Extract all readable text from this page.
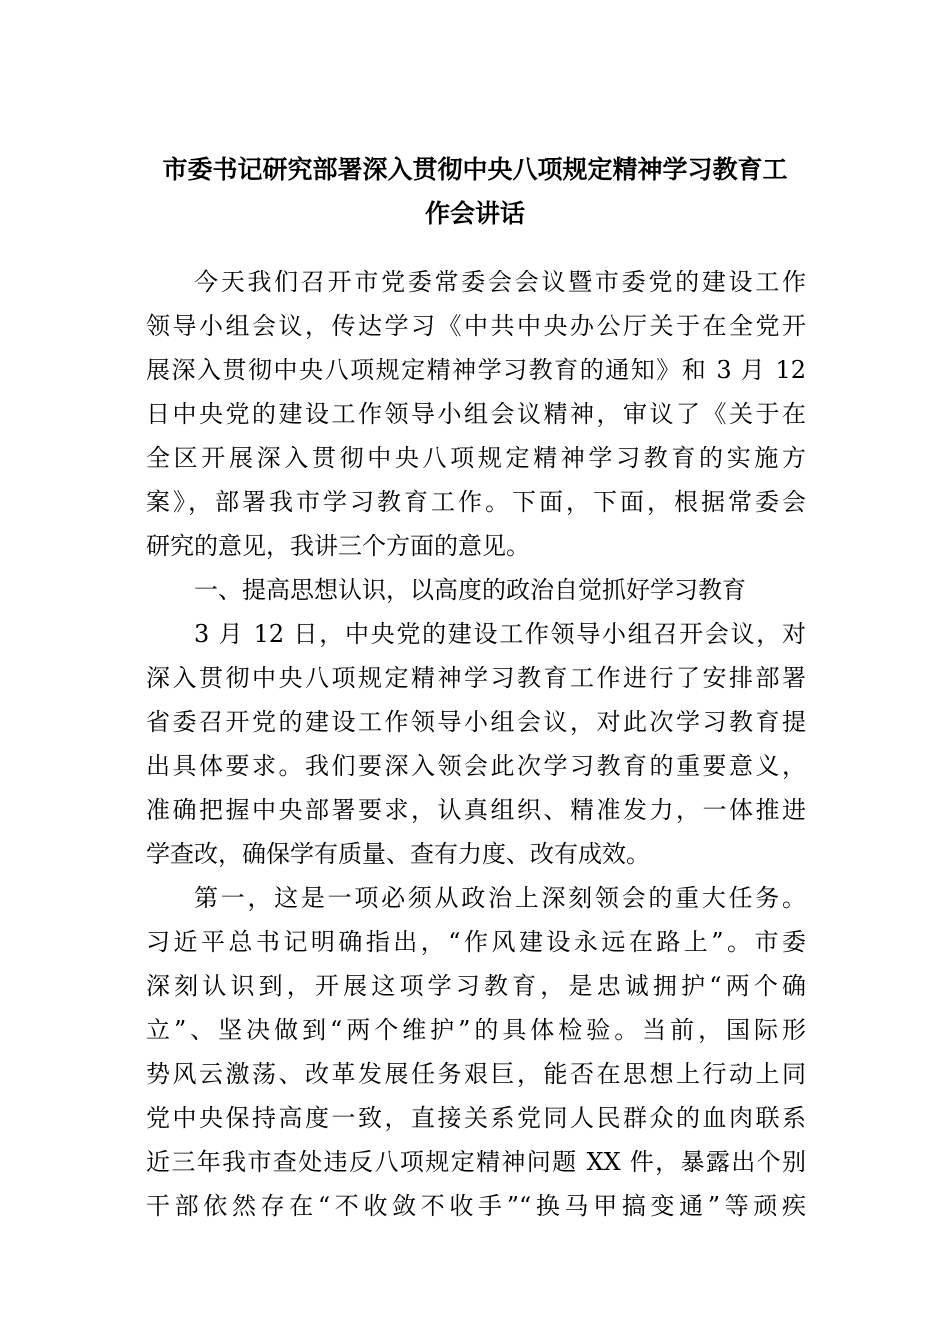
市委书记研究部署深入贯彻中央八项规定精神学习教育工
作会讲话

今天我们召开市党委常委会会议暨市委党的建设工作

领导小组会议，传达学习《中共中央办公厅关于在全党开

展深入贯彻中央八项规定精神学习教育的通知》和 3 月 12

日中央党的建设工作领导小组会议精神，审议了《关于在

全区开展深入贯彻中央八项规定精神学习教育的实施方

案》，部署我市学习教育工作。下面，下面，根据常委会

研究的意见，我讲三个方面的意见。

一、提高思想认识，以高度的政治自觉抓好学习教育

3 月 12 日，中央党的建设工作领导小组召开会议，对

深入贯彻中央八项规定精神学习教育工作进行了安排部署

省委召开党的建设工作领导小组会议，对此次学习教育提

出具体要求。我们要深入领会此次学习教育的重要意义，

准确把握中央部署要求，认真组织、精准发力，一体推进

学查改，确保学有质量、查有力度、改有成效。

第一，这是一项必须从政治上深刻领会的重大任务。

习近平总书记明确指出，“作风建设永远在路上”。市委

深刻认识到，开展这项学习教育，是忠诚拥护“两个确

立”、坚决做到“两个维护”的具体检验。当前，国际形

势风云激荡、改革发展任务艰巨，能否在思想上行动上同

党中央保持高度一致，直接关系党同人民群众的血肉联系

近三年我市查处违反八项规定精神问题 XX 件，暴露出个别

干部依然存在“不收敛不收手”“换马甲搞变通”等顽疾
